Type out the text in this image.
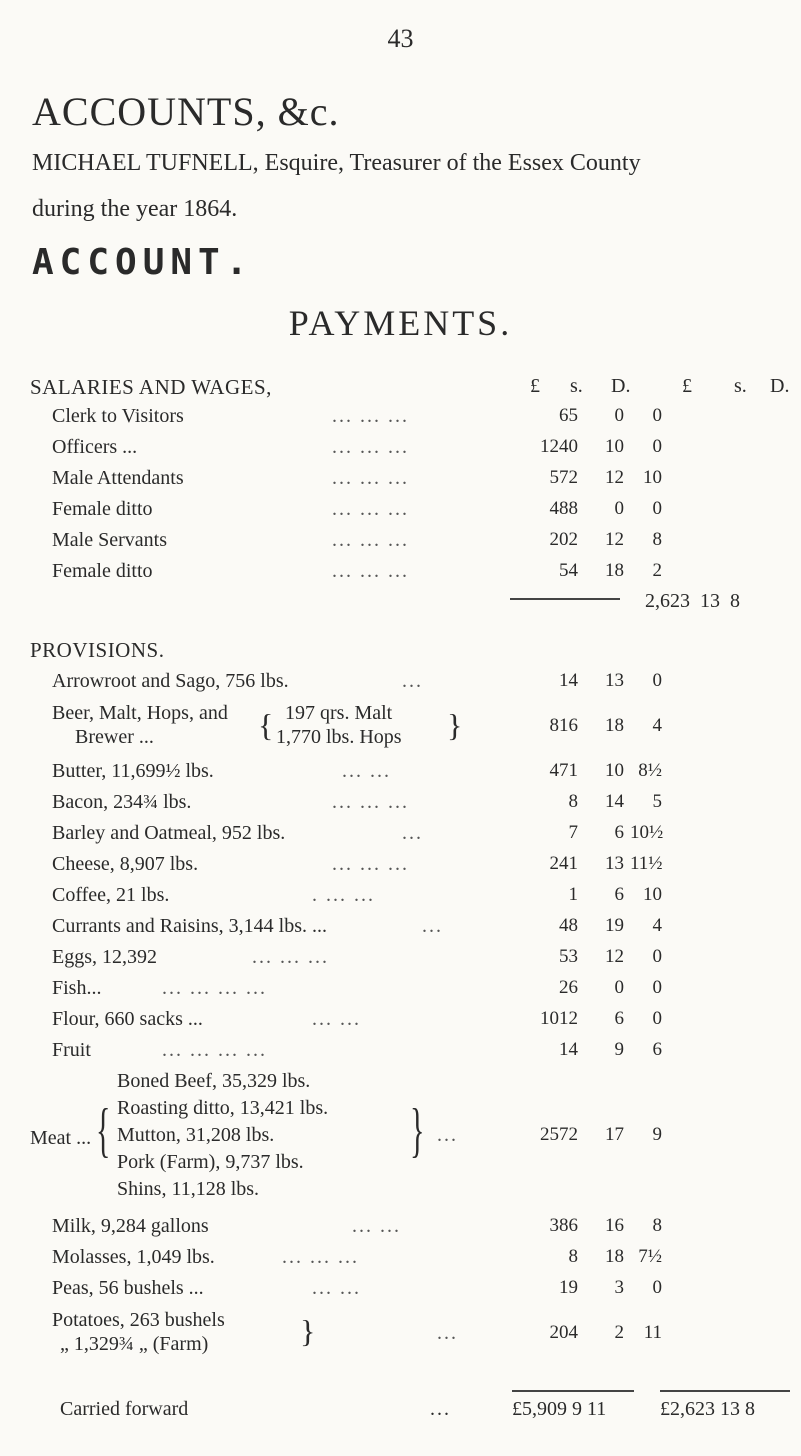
43
ACCOUNTS, &c.
MICHAEL TUFNELL, Esquire, Treasurer of the Essex County
during the year 1864.
ACCOUNT.
PAYMENTS.
SALARIES AND WAGES,	£ s. D.	£ s. D.
Clerk to Visitors	... ... ...	65	0	0
Officers ...	... ... ...	1240	10	0
Male Attendants	... ... ...	572	12	10
Female ditto	... ... ...	488	0	0
Male Servants	... ... ...	202	12	8
Female ditto	... ... ...	54	18	2
2,623 13 8
PROVISIONS.
Arrowroot and Sago, 756 lbs.	...	14	13	0
Beer, Malt, Hops, and
Brewer ...	{ 197 qrs. Malt
1,770 lbs. Hops }	816	18	4
Butter, 11,699½ lbs.	... ...	471	10 8½
Bacon, 234¾ lbs.	... ... ...	8	14	5
Barley and Oatmeal, 952 lbs.	...	7	6 10½
Cheese, 8,907 lbs.	... ... ...	241	13 11½
Coffee, 21 lbs.	. ... ...	1	6	10
Currants and Raisins, 3,144 lbs. ...	...	48	19	4
Eggs, 12,392	... ... ...	53	12	0
Fish...	... ... ... ...	26	0	0
Flour, 660 sacks ...	... ...	1012	6	0
Fruit	... ... ... ...	14	9	6
Meat ... {
Boned Beef, 35,329 lbs.
Roasting ditto, 13,421 lbs.
Mutton, 31,208 lbs.
Pork (Farm), 9,737 lbs.
Shins, 11,128 lbs.
} ...	2572	17	9
Milk, 9,284 gallons	... ...	386	16	8
Molasses, 1,049 lbs.	... ... ...	8	18 7½
Peas, 56 bushels ...	... ...	19	3	0
Potatoes, 263 bushels
„ 1,329¾ „ (Farm)	}	...	204	2	11
Carried forward	...	£5,909 9 11	£2,623 13 8
